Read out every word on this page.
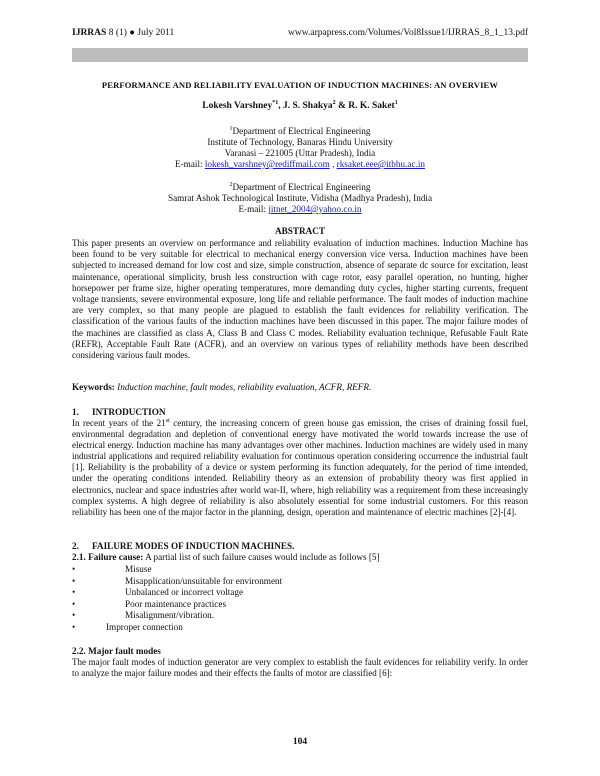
IJRRAS 8 (1) ● July 2011	www.arpapress.com/Volumes/Vol8Issue1/IJRRAS_8_1_13.pdf
PERFORMANCE AND RELIABILITY EVALUATION OF INDUCTION MACHINES: AN OVERVIEW
Lokesh Varshney$^{*1}$, J. S. Shakya$^2$ & R. K. Saket$^1$
$^1$Department of Electrical Engineering
Institute of Technology, Banaras Hindu University
Varanasi – 221005 (Uttar Pradesh), India
E-mail: lokesh_varshney@rediffmail.com , rksaket.eee@itbhu.ac.in
$^2$Department of Electrical Engineering
Samrat Ashok Technological Institute, Vidisha (Madhya Pradesh), India
E-mail: jitnet_2004@yahoo.co.in
ABSTRACT
This paper presents an overview on performance and reliability evaluation of induction machines. Induction Machine has been found to be very suitable for electrical to mechanical energy conversion vice versa. Induction machines have been subjected to increased demand for low cost and size, simple construction, absence of separate dc source for excitation, least maintenance, operational simplicity, brush less construction with cage rotor, easy parallel operation, no hunting, higher horsepower per frame size, higher operating temperatures, more demanding duty cycles, higher starting currents, frequent voltage transients, severe environmental exposure, long life and reliable performance. The fault modes of induction machine are very complex, so that many people are plagued to establish the fault evidences for reliability verification. The classification of the various faults of the induction machines have been discussed in this paper. The major failure modes of the machines are classified as class A, Class B and Class C modes. Reliability evaluation technique, Refusable Fault Rate (REFR), Acceptable Fault Rate (ACFR), and an overview on various types of reliability methods have been described considering various fault modes.
Keywords: Induction machine, fault modes, reliability evaluation, ACFR, REFR.
1. INTRODUCTION
In recent years of the 21st century, the increasing concern of green house gas emission, the crises of draining fossil fuel, environmental degradation and depletion of conventional energy have motivated the world towards increase the use of electrical energy. Induction machine has many advantages over other machines. Induction machines are widely used in many industrial applications and required reliability evaluation for continuous operation considering occurrence the industrial fault [1]. Reliability is the probability of a device or system performing its function adequately, for the period of time intended, under the operating conditions intended. Reliability theory as an extension of probability theory was first applied in electronics, nuclear and space industries after world war-II, where, high reliability was a requirement from these increasingly complex systems. A high degree of reliability is also absolutely essential for some industrial customers. For this reason reliability has been one of the major factor in the planning, design, operation and maintenance of electric machines [2]-[4].
2. FAILURE MODES OF INDUCTION MACHINES.
2.1. Failure cause: A partial list of such failure causes would include as follows [5]
•	Misuse
•	Misapplication/unsuitable for environment
•	Unbalanced or incorrect voltage
•	Poor maintenance practices
•	Misalignment/vibration.
•	Improper connection
2.2. Major fault modes
The major fault modes of induction generator are very complex to establish the fault evidences for reliability verify. In order to analyze the major failure modes and their effects the faults of motor are classified [6]:
104
